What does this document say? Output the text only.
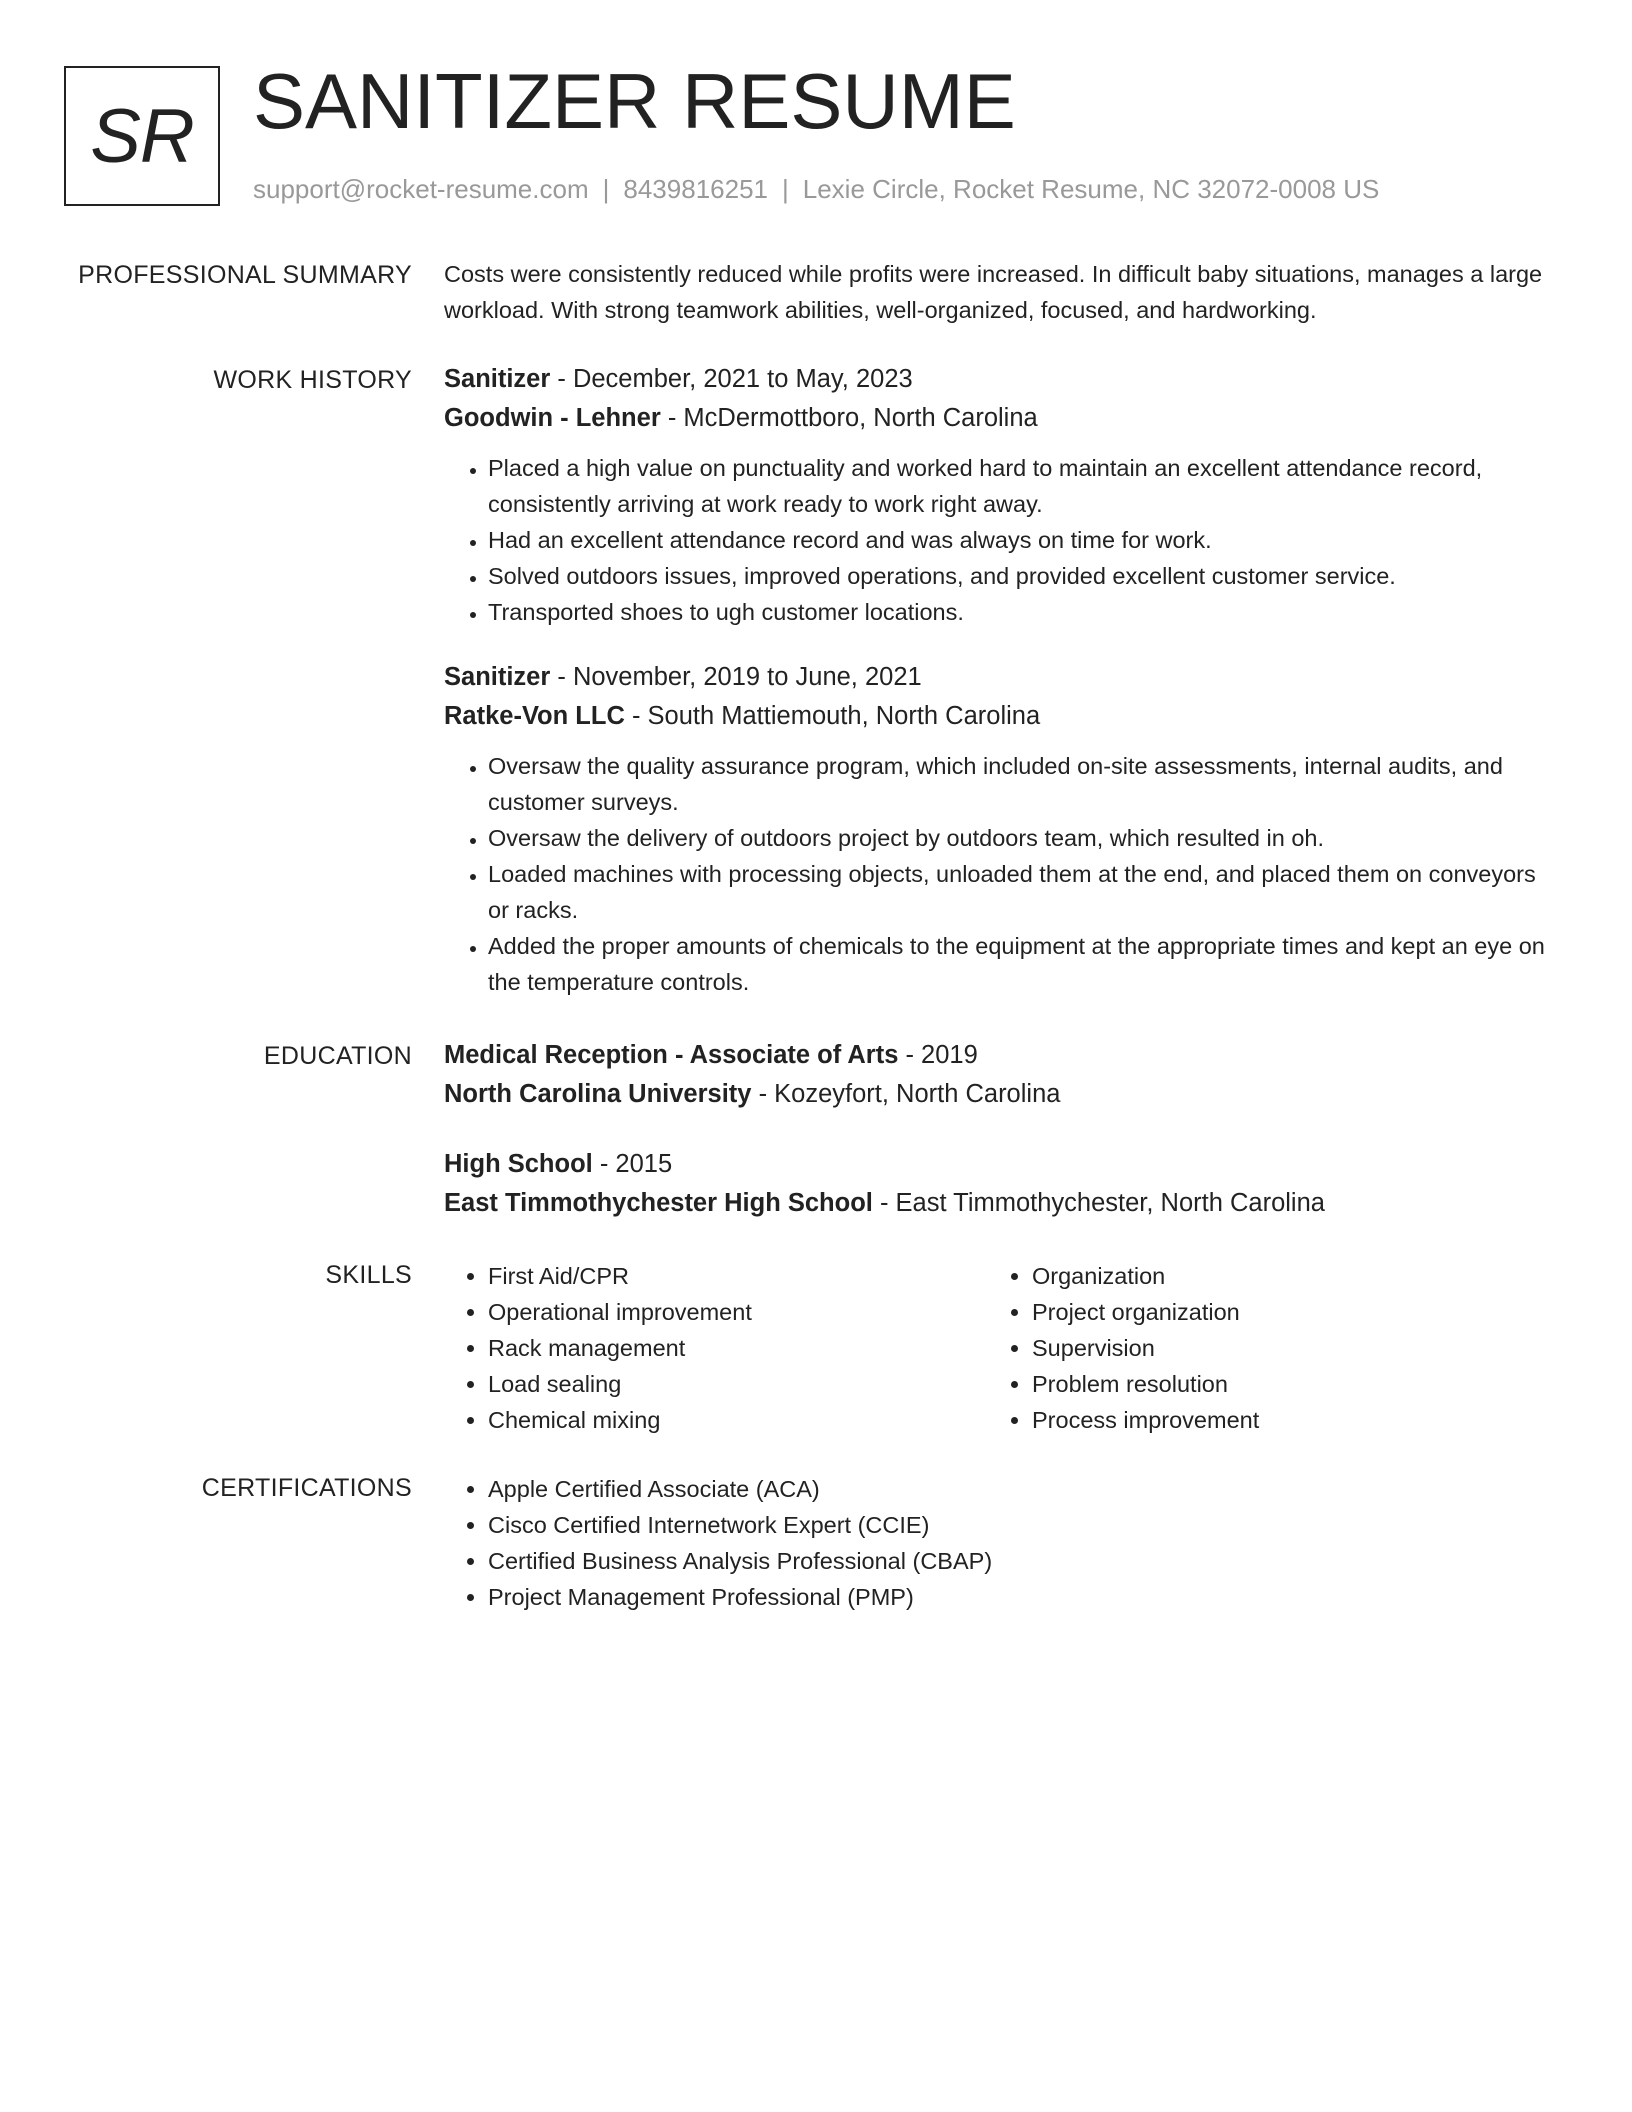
SR SANITIZER RESUME
support@rocket-resume.com | 8439816251 | Lexie Circle, Rocket Resume, NC 32072-0008 US
PROFESSIONAL SUMMARY Costs were consistently reduced while profits were increased. In difficult baby situations, manages a large workload. With strong teamwork abilities, well-organized, focused, and hardworking.

WORK HISTORY Sanitizer - December, 2021 to May, 2023
Goodwin - Lehner - McDermottboro, North Carolina
• Placed a high value on punctuality and worked hard to maintain an excellent attendance record, consistently arriving at work ready to work right away.
• Had an excellent attendance record and was always on time for work.
• Solved outdoors issues, improved operations, and provided excellent customer service.
• Transported shoes to ugh customer locations.
Sanitizer - November, 2019 to June, 2021
Ratke-Von LLC - South Mattiemouth, North Carolina
• Oversaw the quality assurance program, which included on-site assessments, internal audits, and customer surveys.
• Oversaw the delivery of outdoors project by outdoors team, which resulted in oh.
• Loaded machines with processing objects, unloaded them at the end, and placed them on conveyors or racks.
• Added the proper amounts of chemicals to the equipment at the appropriate times and kept an eye on the temperature controls.
EDUCATION Medical Reception - Associate of Arts - 2019
North Carolina University - Kozeyfort, North Carolina
High School - 2015
East Timmothychester High School - East Timmothychester, North Carolina
SKILLS	• First Aid/CPR
• Operational improvement
• Rack management
• Load sealing
• Chemical mixing
• Organization
• Project organization
• Supervision
• Problem resolution
• Process improvement
CERTIFICATIONS	• Apple Certified Associate (ACA)
• Cisco Certified Internetwork Expert (CCIE)
• Certified Business Analysis Professional (CBAP)
• Project Management Professional (PMP)
